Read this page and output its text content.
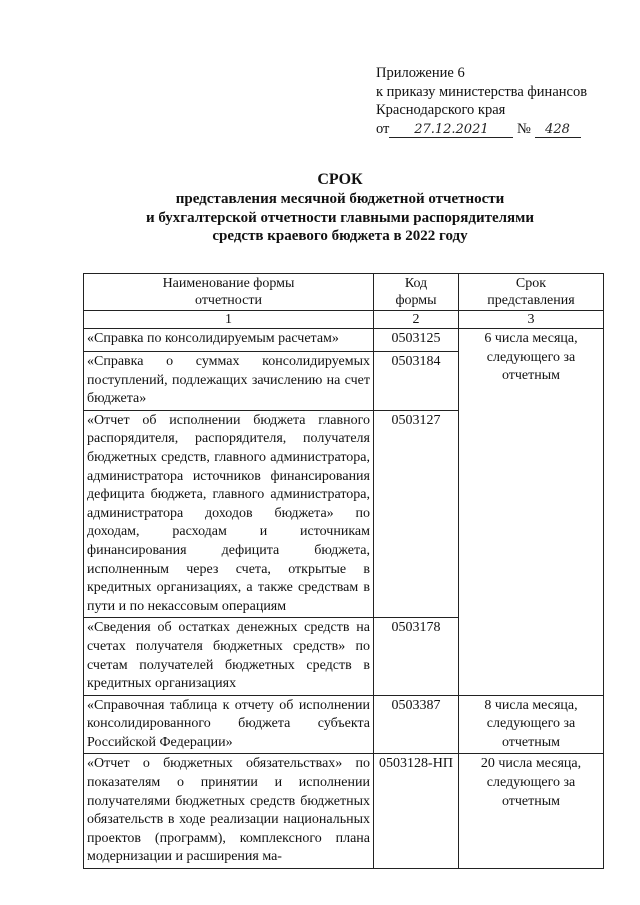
Приложение 6
к приказу министерства финансов
Краснодарского края
от 27.12.2021 № 428
СРОК
представления месячной бюджетной отчетности
и бухгалтерской отчетности главными распорядителями
средств краевого бюджета в 2022 году
Наименование формы отчетности	Код формы	Срок представления
1	2	3
«Справка по консолидируемым расчетам»	0503125	6 числа месяца, следующего за отчетным
«Справка о суммах консолидируемых поступлений, подлежащих зачислению на счет бюджета»	0503184	
«Отчет об исполнении бюджета главного распорядителя, распорядителя, получателя бюджетных средств, главного администратора, администратора источников финансирования дефицита бюджета, главного администратора, администратора доходов бюджета» по доходам, расходам и источникам финансирования дефицита бюджета, исполненным через счета, открытые в кредитных организациях, а также средствам в пути и по некассовым операциям	0503127	
«Сведения об остатках денежных средств на счетах получателя бюджетных средств» по счетам получателей бюджетных средств в кредитных организациях	0503178	
«Справочная таблица к отчету об исполнении консолидированного бюджета субъекта Российской Федерации»	0503387	8 числа месяца, следующего за отчетным
«Отчет о бюджетных обязательствах» по показателям о принятии и исполнении получателями бюджетных средств бюджетных обязательств в ходе реализации национальных проектов (программ), комплексного плана модернизации и расширения ма-	0503128-НП	20 числа месяца, следующего за отчетным
